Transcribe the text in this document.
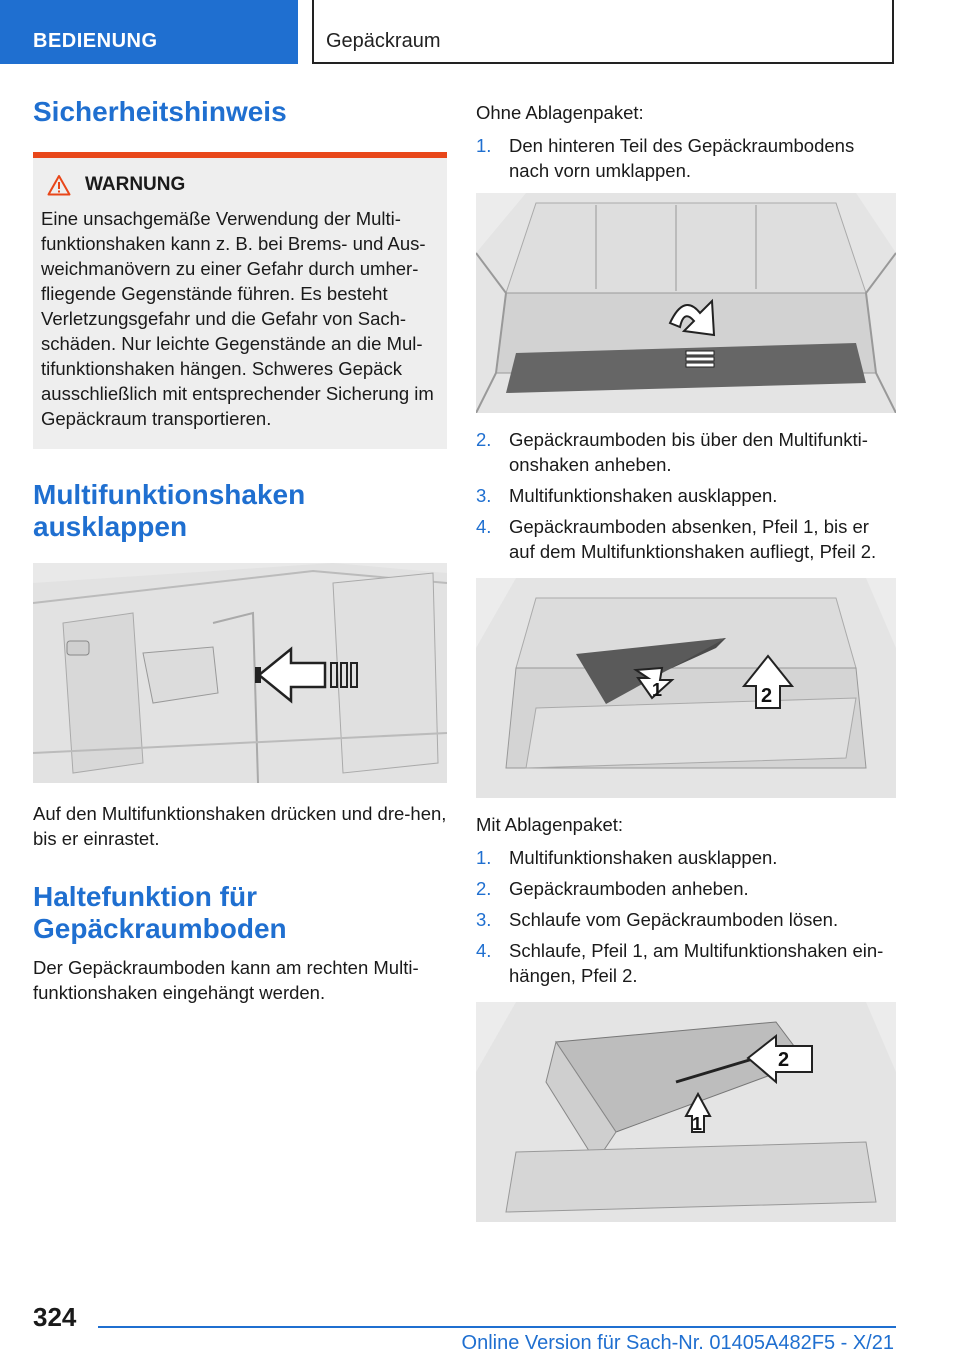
BEDIENUNG	Gepäckraum
Sicherheitshinweis
WARNUNG

Eine unsachgemäße Verwendung der Multi-funktionshaken kann z. B. bei Brems- und Aus-weichmanövern zu einer Gefahr durch umher-fliegende Gegenstände führen. Es besteht Verletzungsgefahr und die Gefahr von Sach-schäden. Nur leichte Gegenstände an die Mul-tifunktionshaken hängen. Schweres Gepäck ausschließlich mit entsprechender Sicherung im Gepäckraum transportieren.

Multifunktionshaken ausklappen

Auf den Multifunktionshaken drücken und dre-hen, bis er einrastet.

Haltefunktion für Gepäckraumboden

Der Gepäckraumboden kann am rechten Multi-funktionshaken eingehängt werden.

Ohne Ablagenpaket:

1. Den hinteren Teil des Gepäckraumbodens nach vorn umklappen.
2. Gepäckraumboden bis über den Multifunkti-onshaken anheben.
3. Multifunktionshaken ausklappen.
4. Gepäckraumboden absenken, Pfeil 1, bis er auf dem Multifunktionshaken aufliegt, Pfeil 2.
1	2

Mit Ablagenpaket:

1. Multifunktionshaken ausklappen.
2. Gepäckraumboden anheben.
3. Schlaufe vom Gepäckraumboden lösen.
4. Schlaufe, Pfeil 1, am Multifunktionshaken ein-hängen, Pfeil 2.
1
2
324
Online Version für Sach-Nr. 01405A482F5 - X/21
